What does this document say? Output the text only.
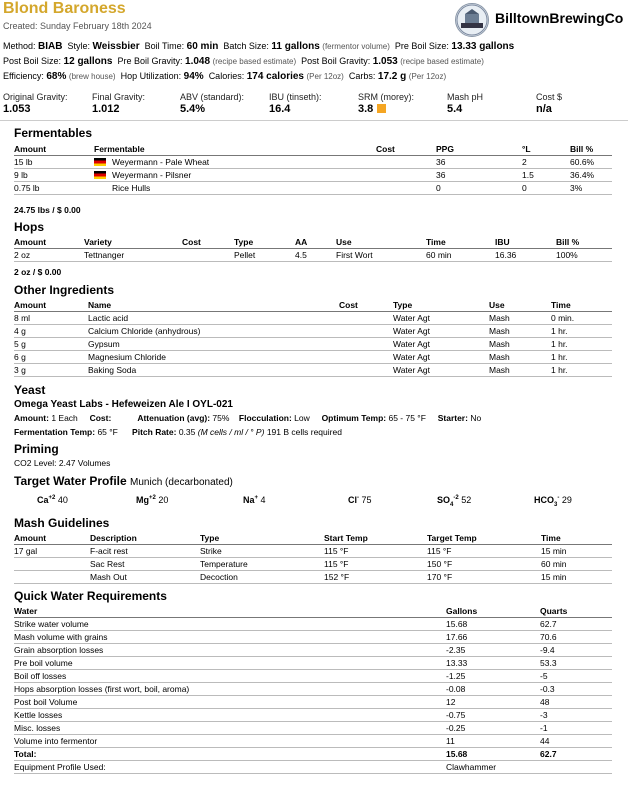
Blond Baroness
Created: Sunday February 18th 2024	BilltownBrewingCo
Method: BIAB Style: Weissbier Boil Time: 60 min Batch Size: 11 gallons (fermentor volume) Pre Boil Size: 13.33 gallons
Post Boil Size: 12 gallons Pre Boil Gravity: 1.048 (recipe based estimate) Post Boil Gravity: 1.053 (recipe based estimate)
Efficiency: 68% (brew house) Hop Utilization: 94% Calories: 174 calories (Per 12oz) Carbs: 17.2 g (Per 12oz)
Original Gravity:
1.053
Final Gravity:
1.012
ABV (standard):
5.4%
IBU (tinseth):
16.4
SRM (morey):
3.8
Mash pH
5.4
Cost $
n/a
Fermentables
Amount	Fermentable	Cost	PPG	°L	Bill %
15 lb	Weyermann - Pale Wheat		36	2	60.6%
9 lb	Weyermann - Pilsner		36	1.5	36.4%
0.75 lb	Rice Hulls		0	0	3%
24.75 lbs / $ 0.00
Hops
Amount	Variety	Cost	Type	AA	Use	Time	IBU	Bill %
2 oz	Tettnanger		Pellet	4.5	First Wort	60 min	16.36	100%
2 oz / $ 0.00
Other Ingredients
Amount	Name	Cost	Type	Use	Time
8 ml	Lactic acid		Water Agt	Mash	0 min.
4 g	Calcium Chloride (anhydrous)		Water Agt	Mash	1 hr.
5 g	Gypsum		Water Agt	Mash	1 hr.
6 g	Magnesium Chloride		Water Agt	Mash	1 hr.
3 g	Baking Soda		Water Agt	Mash	1 hr.
Yeast
Omega Yeast Labs - Hefeweizen Ale I OYL-021
Amount: 1 Each Cost:	Attenuation (avg): 75% Flocculation: Low Optimum Temp: 65 - 75 °F Starter: No
Fermentation Temp: 65 °F Pitch Rate: 0.35 (M cells / ml / ° P) 191 B cells required
Priming
CO2 Level: 2.47 Volumes
Target Water Profile Munich (decarbonated)
$Ca^{+2}$ 40	$Mg^{+2}$ 20	Na+ 4	Cl- 75	$SO_4^{-2}$ 52	$HCO_3^-$ 29
Mash Guidelines
Amount	Description	Type	Start Temp	Target Temp	Time
17 gal	F-acit rest	Strike	115 °F	115 °F	15 min
	Sac Rest	Temperature	115 °F	150 °F	60 min
	Mash Out	Decoction	152 °F	170 °F	15 min
Quick Water Requirements
Water	Gallons	Quarts
Strike water volume	15.68	62.7
Mash volume with grains	17.66	70.6
Grain absorption losses	-2.35	-9.4
Pre boil volume	13.33	53.3
Boil off losses	-1.25	-5
Hops absorption losses (first wort, boil, aroma)	-0.08	-0.3
Post boil Volume	12	48
Kettle losses	-0.75	-3
Misc. losses	-0.25	-1
Volume into fermentor	11	44
Total:	15.68	62.7
Equipment Profile Used:	Clawhammer	
